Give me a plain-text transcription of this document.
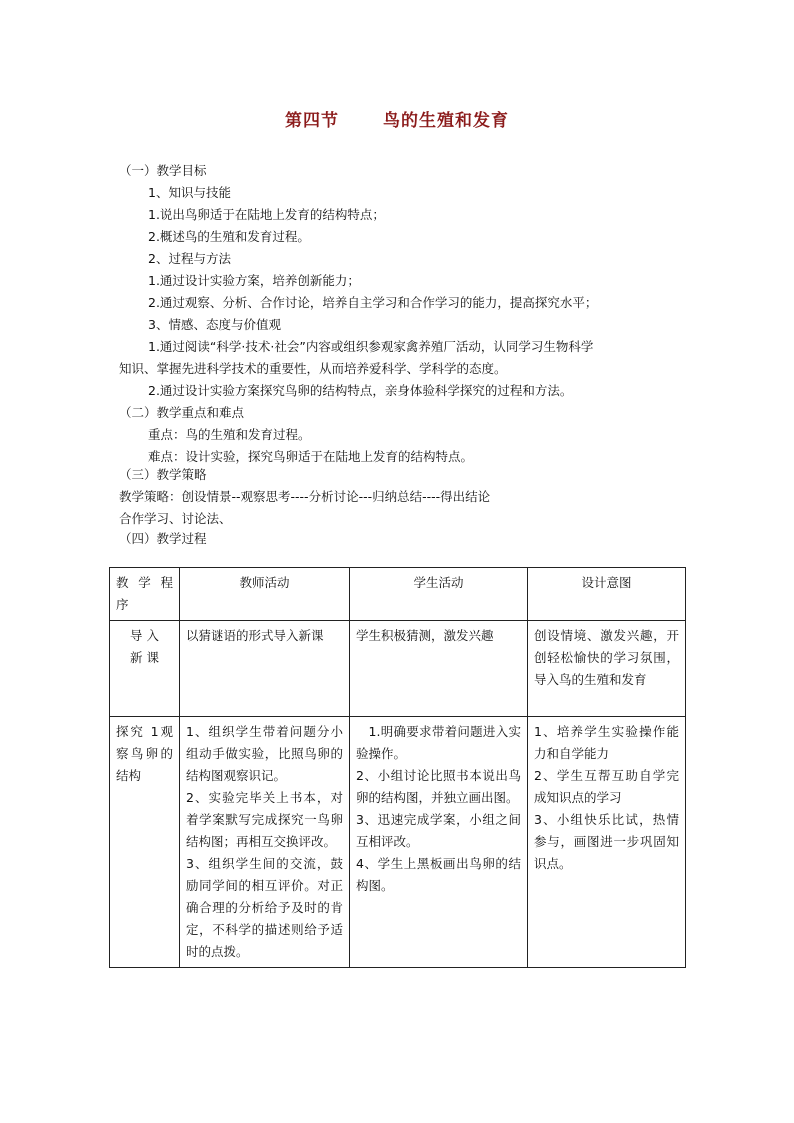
第四节	鸟的生殖和发育
（一）教学目标
1、知识与技能
1.说出鸟卵适于在陆地上发育的结构特点；
2.概述鸟的生殖和发育过程。
2、过程与方法
1.通过设计实验方案，培养创新能力；
2.通过观察、分析、合作讨论，培养自主学习和合作学习的能力，提高探究水平；
3、情感、态度与价值观
1.通过阅读“科学·技术·社会”内容或组织参观家禽养殖厂活动，认同学习生物科学
知识、掌握先进科学技术的重要性，从而培养爱科学、学科学的态度。
2.通过设计实验方案探究鸟卵的结构特点，亲身体验科学探究的过程和方法。
（二）教学重点和难点
重点：鸟的生殖和发育过程。
难点：设计实验，探究鸟卵适于在陆地上发育的结构特点。
（三）教学策略
教学策略：创设情景--观察思考----分析讨论---归纳总结----得出结论
合作学习、讨论法、
（四）教学过程
教 学 程 序	教师活动	学生活动	设计意图
导 入 新 课	以猜谜语的形式导入新课	学生积极猜测，激发兴趣	创设情境、激发兴趣，开创轻松愉快的学习氛围，导入鸟的生殖和发育

探究 1观察鸟卵的结构	1、组织学生带着问题分小组动手做实验，比照鸟卵的结构图观察识记。
2、实验完毕关上书本，对着学案默写完成探究一鸟卵结构图；再相互交换评改。
3、组织学生间的交流，鼓励同学间的相互评价。对正确合理的分析给予及时的肯定，不科学的描述则给予适时的点拨。	1.明确要求带着问题进入实验操作。
2、小组讨论比照书本说出鸟卵的结构图，并独立画出图。
3、迅速完成学案，小组之间互相评改。
4、学生上黑板画出鸟卵的结构图。	1、培养学生实验操作能力和自学能力
2、学生互帮互助自学完成知识点的学习
3、小组快乐比试，热情参与，画图进一步巩固知识点。
